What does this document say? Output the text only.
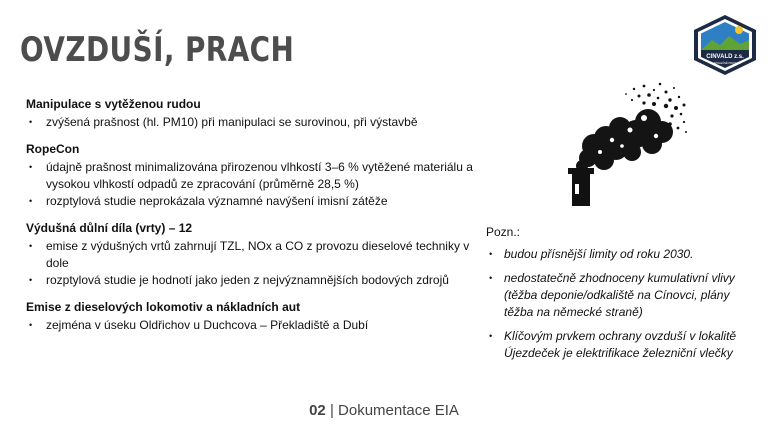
OVZDUŠÍ, PRACH	CINVALD z.s.
SPOLEČNĚ PROTI
Manipulace s vytěženou rudou
• zvýšená prašnost (hl. PM10) při manipulaci se surovinou, při výstavbě
RopeCon
• údajně prašnost minimalizována přirozenou vlhkostí 3–6 % vytěžené materiálu a vysokou vlhkostí odpadů ze zpracování (průměrně 28,5 %)
• rozptylová studie neprokázala významné navýšení imisní zátěže
Výdušná důlní díla (vrty) – 12
• emise z výdušných vrtů zahrnují TZL, NOx a CO z provozu dieselové techniky v dole
• rozptylová studie je hodnotí jako jeden z nejvýznamnějších bodových zdrojů
Emise z dieselových lokomotiv a nákladních aut
• zejména v úseku Oldřichov u Duchcova – Překladiště a Dubí
Pozn.:
• budou přísnější limity od roku 2030.
• nedostatečně zhodnoceny kumulativní vlivy (těžba deponie/odkaliště na Cínovci, plány těžba na německé straně)
• Klíčovým prvkem ochrany ovzduší v lokalitě Újezdeček je elektrifikace železniční vlečky
02 | Dokumentace EIA
